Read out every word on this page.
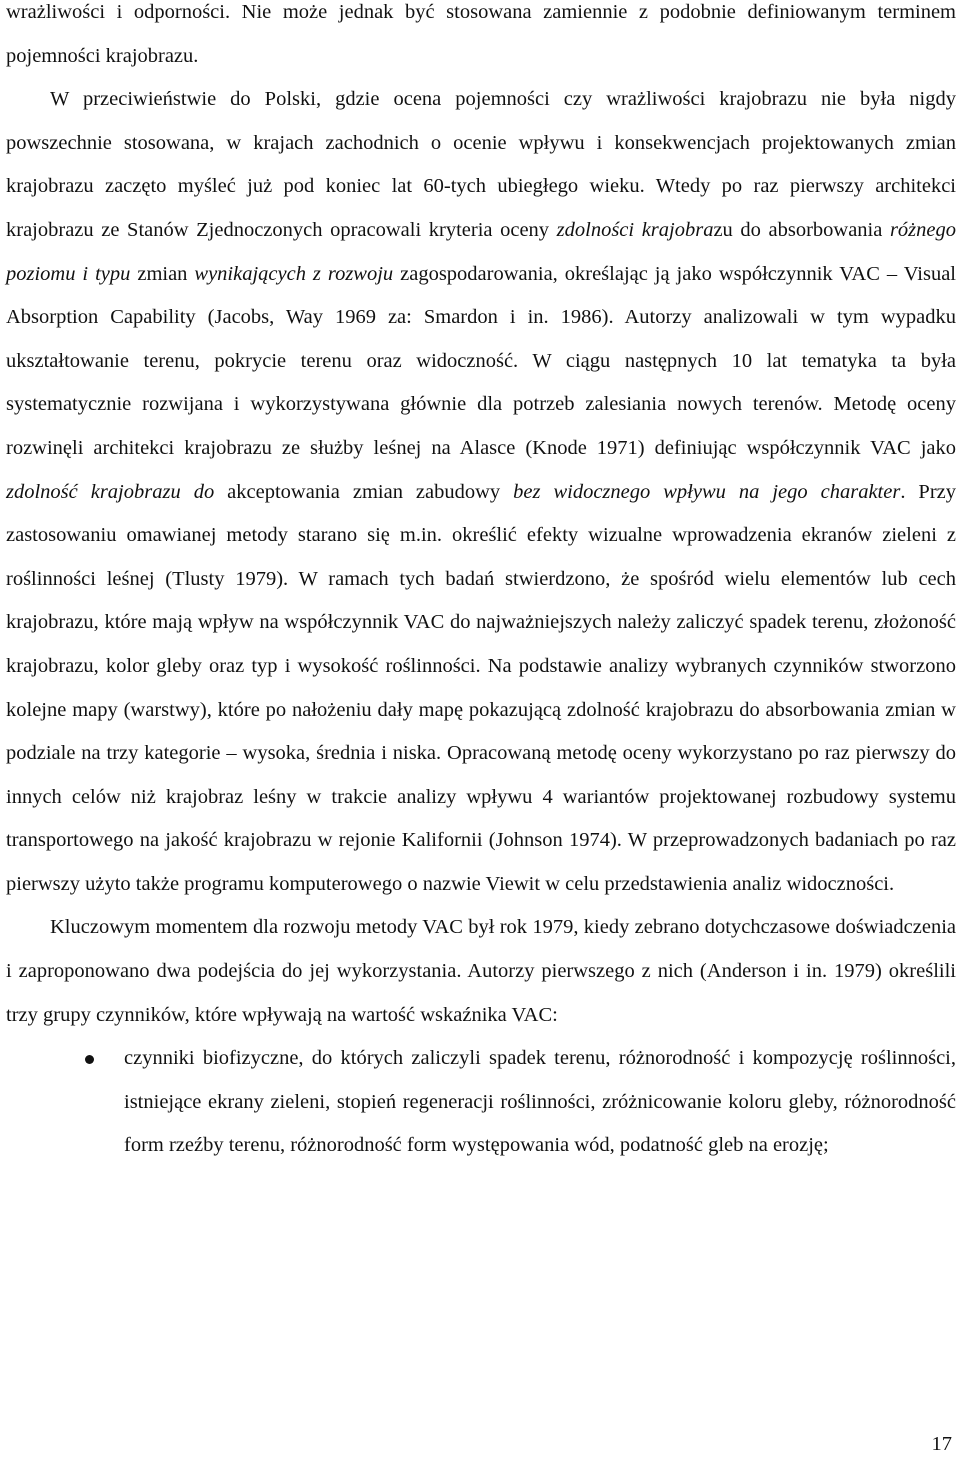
wrażliwości i odporności. Nie może jednak być stosowana zamiennie z podobnie definiowanym terminem pojemności krajobrazu.

W przeciwieństwie do Polski, gdzie ocena pojemności czy wrażliwości krajobrazu nie była nigdy powszechnie stosowana, w krajach zachodnich o ocenie wpływu i konsekwencjach projektowanych zmian krajobrazu zaczęto myśleć już pod koniec lat 60-tych ubiegłego wieku. Wtedy po raz pierwszy architekci krajobrazu ze Stanów Zjednoczonych opracowali kryteria oceny zdolności krajobrazu do absorbowania różnego poziomu i typu zmian wynikających z rozwoju zagospodarowania, określając ją jako współczynnik VAC – Visual Absorption Capability (Jacobs, Way 1969 za: Smardon i in. 1986). Autorzy analizowali w tym wypadku ukształtowanie terenu, pokrycie terenu oraz widoczność. W ciągu następnych 10 lat tematyka ta była systematycznie rozwijana i wykorzystywana głównie dla potrzeb zalesiania nowych terenów. Metodę oceny rozwinęli architekci krajobrazu ze służby leśnej na Alasce (Knode 1971) definiując współczynnik VAC jako zdolność krajobrazu do akceptowania zmian zabudowy bez widocznego wpływu na jego charakter. Przy zastosowaniu omawianej metody starano się m.in. określić efekty wizualne wprowadzenia ekranów zieleni z roślinności leśnej (Tlusty 1979). W ramach tych badań stwierdzono, że spośród wielu elementów lub cech krajobrazu, które mają wpływ na współczynnik VAC do najważniejszych należy zaliczyć spadek terenu, złożoność krajobrazu, kolor gleby oraz typ i wysokość roślinności. Na podstawie analizy wybranych czynników stworzono kolejne mapy (warstwy), które po nałożeniu dały mapę pokazującą zdolność krajobrazu do absorbowania zmian w podziale na trzy kategorie – wysoka, średnia i niska. Opracowaną metodę oceny wykorzystano po raz pierwszy do innych celów niż krajobraz leśny w trakcie analizy wpływu 4 wariantów projektowanej rozbudowy systemu transportowego na jakość krajobrazu w rejonie Kalifornii (Johnson 1974). W przeprowadzonych badaniach po raz pierwszy użyto także programu komputerowego o nazwie Viewit w celu przedstawienia analiz widoczności.

Kluczowym momentem dla rozwoju metody VAC był rok 1979, kiedy zebrano dotychczasowe doświadczenia i zaproponowano dwa podejścia do jej wykorzystania. Autorzy pierwszego z nich (Anderson i in. 1979) określili trzy grupy czynników, które wpływają na wartość wskaźnika VAC:

czynniki biofizyczne, do których zaliczyli spadek terenu, różnorodność i kompozycję roślinności, istniejące ekrany zieleni, stopień regeneracji roślinności, zróżnicowanie koloru gleby, różnorodność form rzeźby terenu, różnorodność form występowania wód, podatność gleb na erozję;
17
